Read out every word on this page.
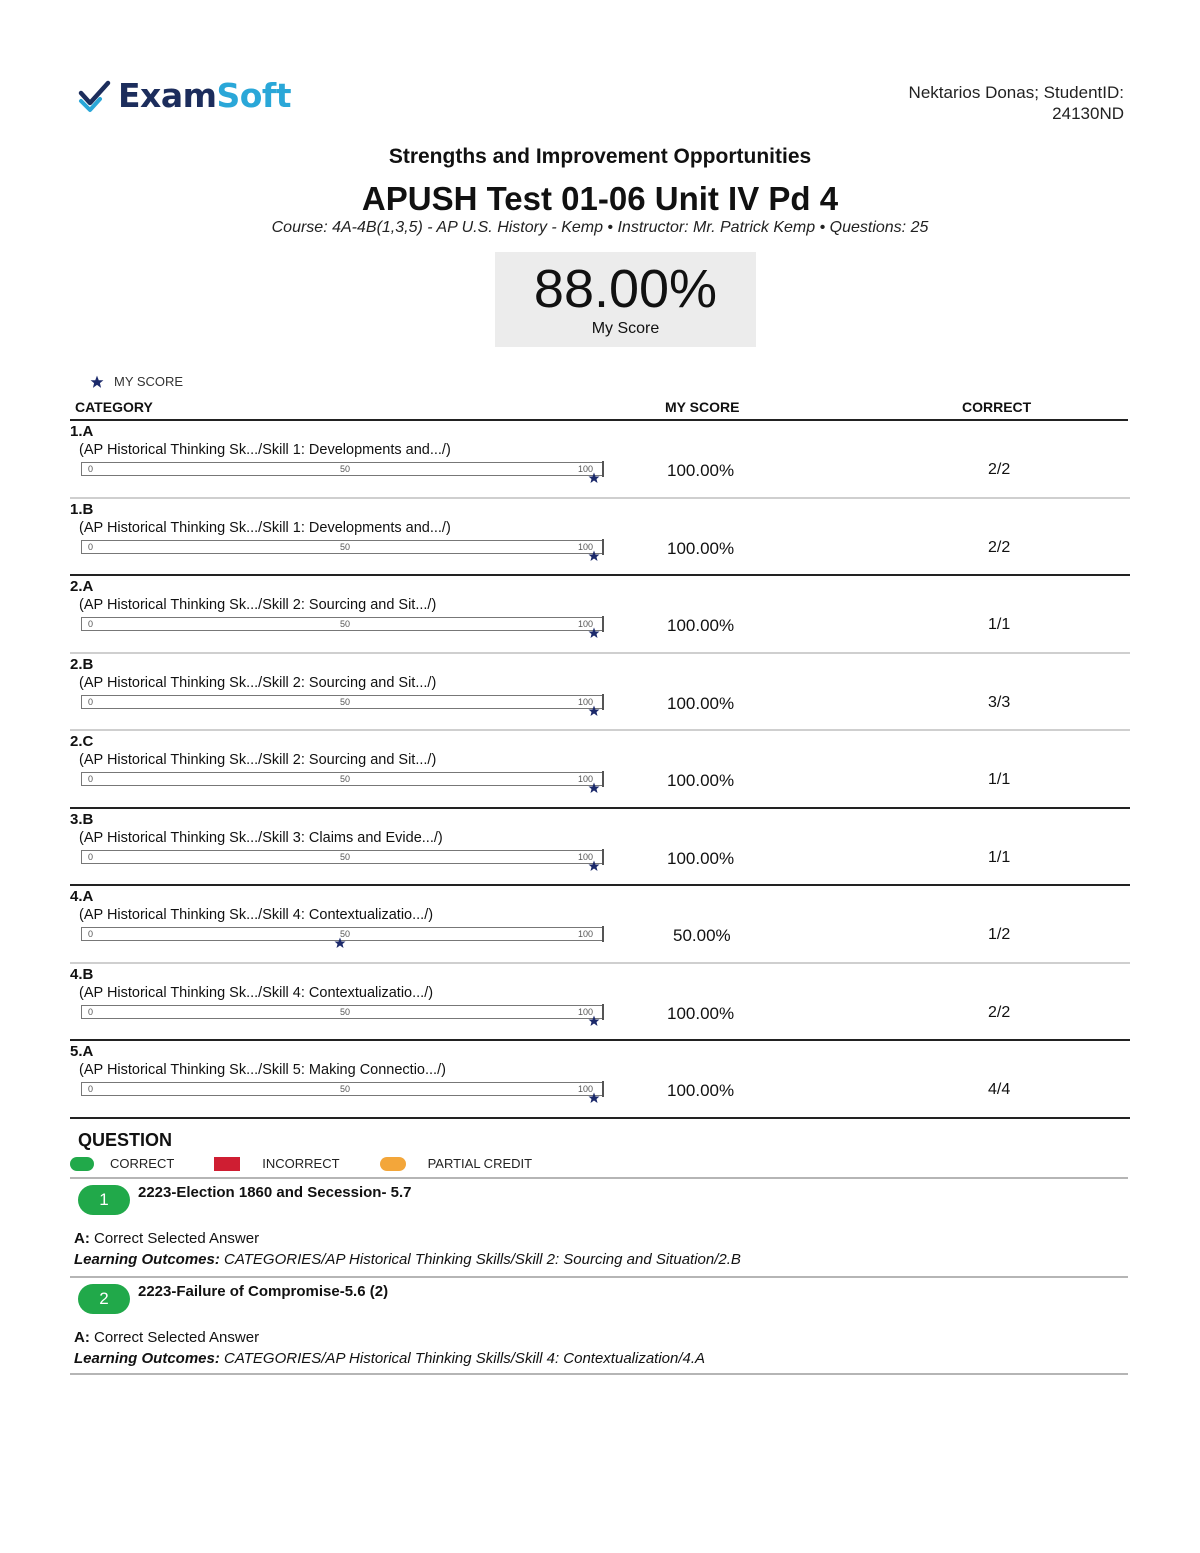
ExamSoft	Nektarios Donas; StudentID:
24130ND
Strengths and Improvement Opportunities
APUSH Test 01-06 Unit IV Pd 4
Course: 4A-4B(1,3,5) - AP U.S. History - Kemp • Instructor: Mr. Patrick Kemp • Questions: 25
88.00%
My Score
MY SCORE
CATEGORY	MY SCORE	CORRECT
1.A
(AP Historical Thinking Sk.../Skill 1: Developments and.../)
0	50	100	100.00%	2/2
1.B
(AP Historical Thinking Sk.../Skill 1: Developments and.../)
0	50	100	100.00%	2/2
2.A
(AP Historical Thinking Sk.../Skill 2: Sourcing and Sit.../)
0	50	100	100.00%	1/1
2.B
(AP Historical Thinking Sk.../Skill 2: Sourcing and Sit.../)
0	50	100	100.00%	3/3
2.C
(AP Historical Thinking Sk.../Skill 2: Sourcing and Sit.../)
0	50	100	100.00%	1/1
3.B
(AP Historical Thinking Sk.../Skill 3: Claims and Evide.../)
0	50	100	100.00%	1/1
4.A
(AP Historical Thinking Sk.../Skill 4: Contextualizatio.../)
0	50	100	50.00%	1/2
4.B
(AP Historical Thinking Sk.../Skill 4: Contextualizatio.../)
0	50	100	100.00%	2/2
5.A
(AP Historical Thinking Sk.../Skill 5: Making Connectio.../)
0	50	100	100.00%	4/4
QUESTION
CORRECT	INCORRECT	PARTIAL CREDIT
1	2223-Election 1860 and Secession- 5.7
A: Correct Selected Answer
Learning Outcomes: CATEGORIES/AP Historical Thinking Skills/Skill 2: Sourcing and Situation/2.B
2	2223-Failure of Compromise-5.6 (2)
A: Correct Selected Answer
Learning Outcomes: CATEGORIES/AP Historical Thinking Skills/Skill 4: Contextualization/4.A
